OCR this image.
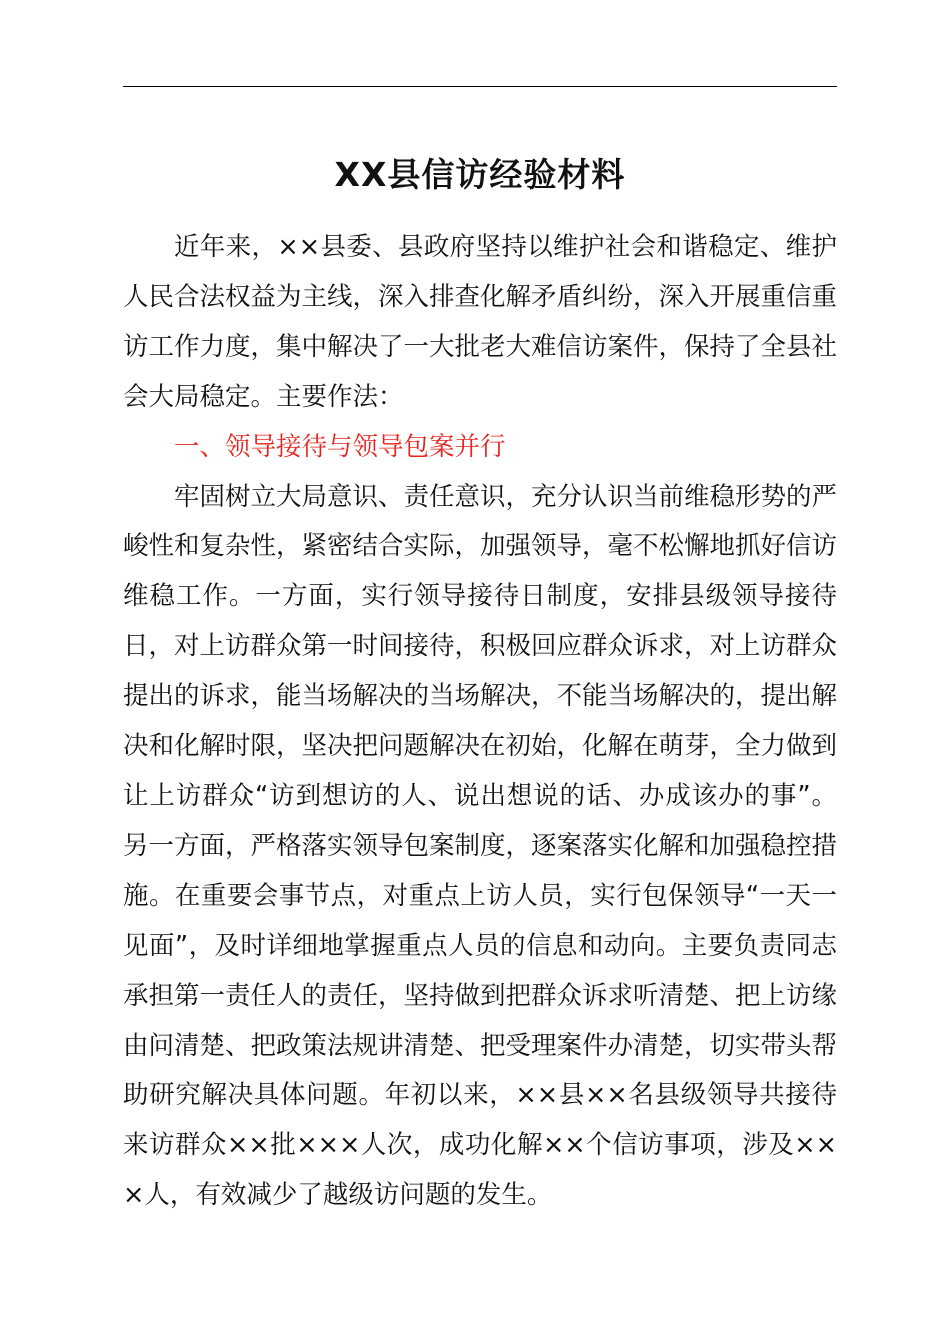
XX县信访经验材料

近年来，××县委、县政府坚持以维护社会和谐稳定、维护人民合法权益为主线，深入排查化解矛盾纠纷，深入开展重信重访工作力度，集中解决了一大批老大难信访案件，保持了全县社会大局稳定。主要作法：

一、领导接待与领导包案并行

牢固树立大局意识、责任意识，充分认识当前维稳形势的严峻性和复杂性，紧密结合实际，加强领导，毫不松懈地抓好信访维稳工作。一方面，实行领导接待日制度，安排县级领导接待日，对上访群众第一时间接待，积极回应群众诉求，对上访群众提出的诉求，能当场解决的当场解决，不能当场解决的，提出解决和化解时限，坚决把问题解决在初始，化解在萌芽，全力做到让上访群众“访到想访的人、说出想说的话、办成该办的事”。另一方面，严格落实领导包案制度，逐案落实化解和加强稳控措施。在重要会事节点，对重点上访人员，实行包保领导“一天一见面”，及时详细地掌握重点人员的信息和动向。主要负责同志承担第一责任人的责任，坚持做到把群众诉求听清楚、把上访缘由问清楚、把政策法规讲清楚、把受理案件办清楚，切实带头帮助研究解决具体问题。年初以来，××县××名县级领导共接待来访群众××批×××人次，成功化解××个信访事项，涉及×××人，有效减少了越级访问题的发生。
